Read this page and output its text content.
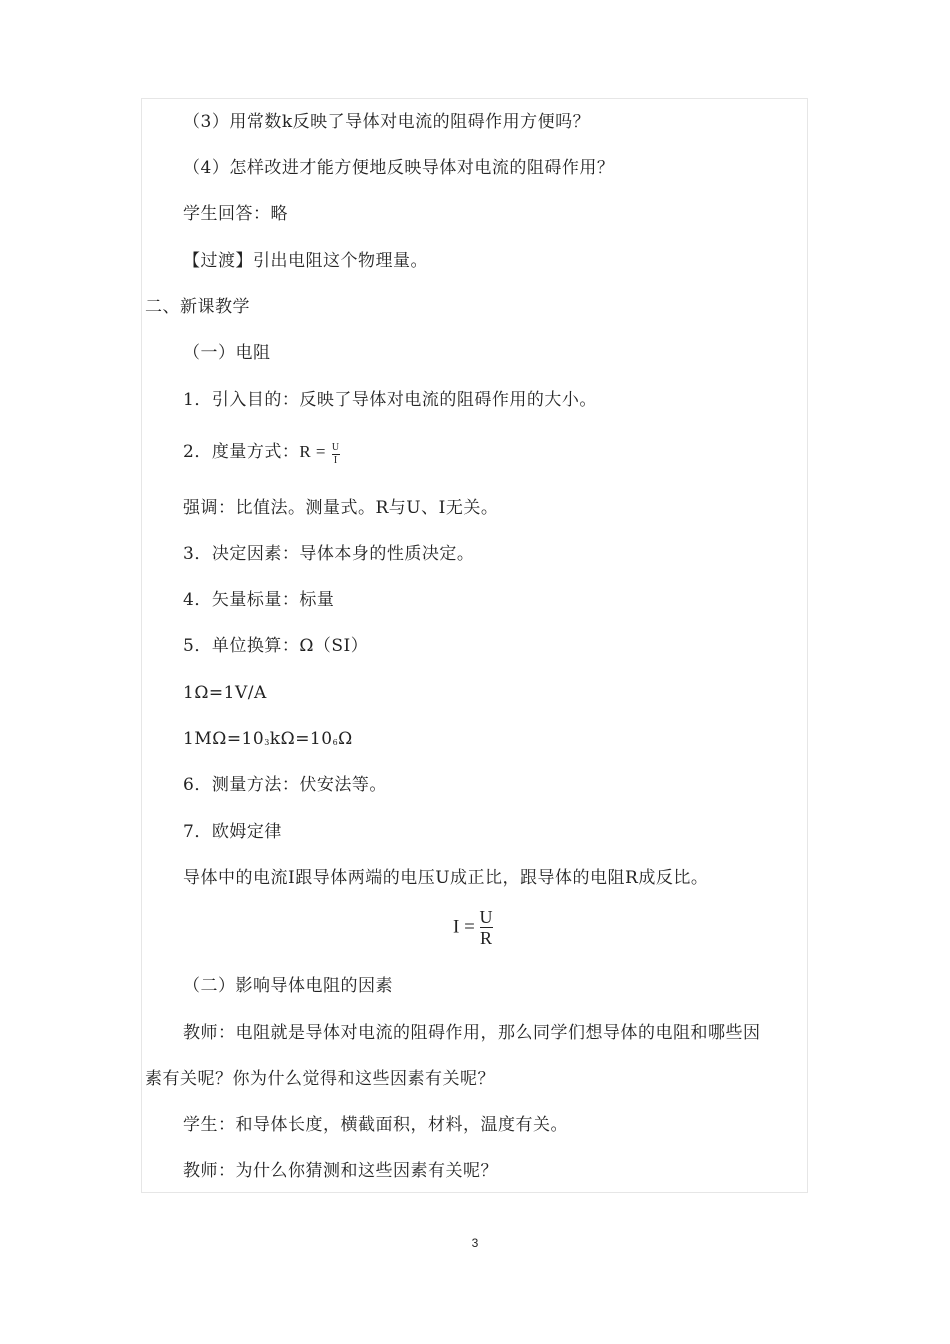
（3）用常数k反映了导体对电流的阻碍作用方便吗？
（4）怎样改进才能方便地反映导体对电流的阻碍作用？
学生回答：略
【过渡】引出电阻这个物理量。
二、新课教学
（一）电阻
1．引入目的：反映了导体对电流的阻碍作用的大小。
2．度量方式：$R = \frac{U}{I}$
强调：比值法。测量式。R与U、I无关。
3．决定因素：导体本身的性质决定。
4．矢量标量：标量
5．单位换算：Ω（SI）
1Ω=1V/A
1MΩ=103kΩ=106Ω
6．测量方法：伏安法等。
7．欧姆定律
导体中的电流I跟导体两端的电压U成正比，跟导体的电阻R成反比。
$I = \frac{U}{R}$
（二）影响导体电阻的因素
教师：电阻就是导体对电流的阻碍作用，那么同学们想导体的电阻和哪些因
素有关呢？你为什么觉得和这些因素有关呢？
学生：和导体长度，横截面积，材料，温度有关。
教师：为什么你猜测和这些因素有关呢？
3
